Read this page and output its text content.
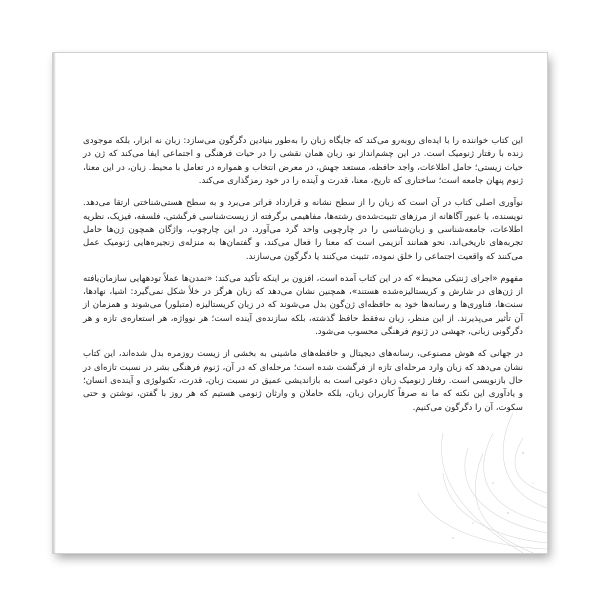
این کتاب خواننده را با ایده‌ای روبه‌رو می‌کند که جایگاه زبان را به‌طور بنیادین دگرگون می‌سازد: زبان نه ابزار، بلکه موجودی زنده با رفتار ژنومیک است. در این چشم‌انداز نو، زبان همان نقشی را در حیات فرهنگی و اجتماعی ایفا می‌کند که ژن در حیات زیستی؛ حامل اطلاعات، واجد حافظه، مستعد جهش، در معرض انتخاب و همواره در تعامل با محیط. زبان، در این معنا، ژنوم پنهان جامعه است؛ ساختاری که تاریخ، معنا، قدرت و آینده را در خود رمزگذاری می‌کند.

نوآوری اصلی کتاب در آن است که زبان را از سطح نشانه و قرارداد فراتر می‌برد و به سطح هستی‌شناختی ارتقا می‌دهد. نویسنده، با عبور آگاهانه از مرزهای تثبیت‌شده‌ی رشته‌ها، مفاهیمی برگرفته از زیست‌شناسی فرگشتی، فلسفه، فیزیک، نظریه اطلاعات، جامعه‌شناسی و زبان‌شناسی را در چارچوبی واحد گرد می‌آورد. در این چارچوب، واژگان همچون ژن‌ها حامل تجربه‌های تاریخی‌اند، نحو همانند آنزیمی است که معنا را فعال می‌کند، و گفتمان‌ها به منزله‌ی زنجیره‌هایی ژنومیک عمل می‌کنند که واقعیت اجتماعی را خلق نموده، تثبیت می‌کنند یا دگرگون می‌سازند.

مفهوم «اجرای ژنتیکی محیط» که در این کتاب آمده است، افزون بر اینکه تأکید می‌کند: «تمدن‌ها عملاً تودههایی سازمان‌یافته از ژن‌های در شارش و کریستالیزه‌شده هستند»، همچنین نشان می‌دهد که زبان هرگز در خلأ شکل نمی‌گیرد: اشیا، نهادها، سنت‌ها، فناوری‌ها و رسانه‌ها خود به حافظه‌ای ژن‌گون بدل می‌شوند که در زبان کریستالیزه (متبلور) می‌شوند و همزمان از آن تأثیر می‌پذیرند. از این منظر، زبان نه‌فقط حافظ گذشته، بلکه سازنده‌ی آینده است؛ هر نوواژه، هر استعاره‌ی تازه و هر دگرگونی زبانی، جهشی در ژنوم فرهنگی محسوب می‌شود.

در جهانی که هوش مصنوعی، رسانه‌های دیجیتال و حافظه‌های ماشینی به بخشی از زیست روزمره بدل شده‌اند، این کتاب نشان می‌دهد که زبان وارد مرحله‌ای تازه از فرگشت شده است؛ مرحله‌ای که در آن، ژنوم فرهنگی بشر در نسبت تازه‌ای در حال بازنویسی است. رفتار ژنومیک زبان دعوتی است به بازاندیشی عمیق در نسبت زبان، قدرت، تکنولوژی و آینده‌ی انسان؛ و یادآوری این نکته که ما نه صرفاً کاربران زبان، بلکه حاملان و وارثان ژنومی هستیم که هر روز با گفتن، نوشتن و حتی سکوت، آن را دگرگون می‌کنیم.
